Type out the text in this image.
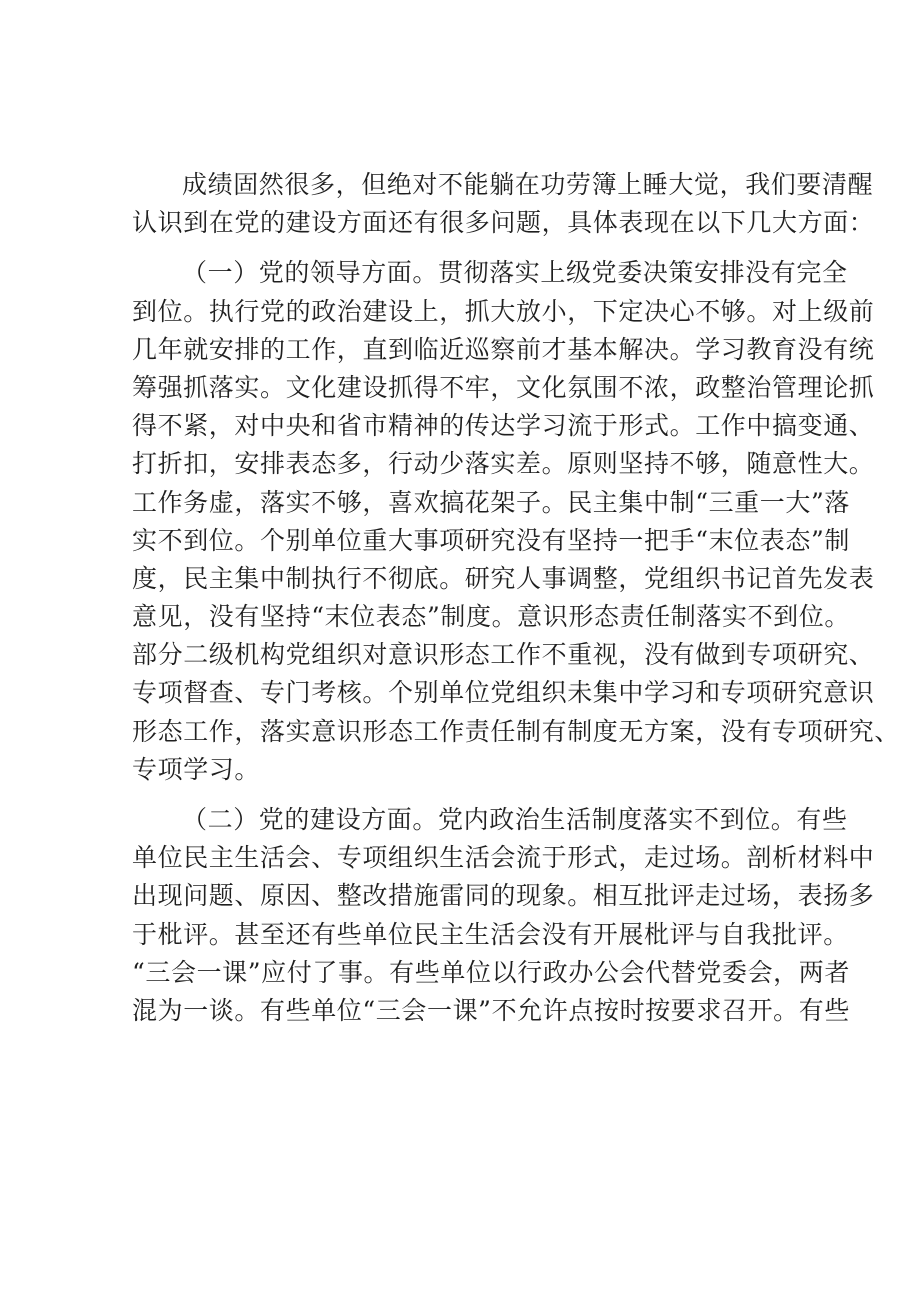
成绩固然很多，但绝对不能躺在功劳簿上睡大觉，我们要清醒
认识到在党的建设方面还有很多问题，具体表现在以下几大方面：
（一）党的领导方面。贯彻落实上级党委决策安排没有完全
到位。执行党的政治建设上，抓大放小，下定决心不够。对上级前
几年就安排的工作，直到临近巡察前才基本解决。学习教育没有统
筹强抓落实。文化建设抓得不牢，文化氛围不浓，政整治管理论抓
得不紧，对中央和省市精神的传达学习流于形式。工作中搞变通、
打折扣，安排表态多，行动少落实差。原则坚持不够，随意性大。
工作务虚，落实不够，喜欢搞花架子。民主集中制“三重一大”落
实不到位。个别单位重大事项研究没有坚持一把手“末位表态”制
度，民主集中制执行不彻底。研究人事调整，党组织书记首先发表
意见，没有坚持“末位表态”制度。意识形态责任制落实不到位。
部分二级机构党组织对意识形态工作不重视，没有做到专项研究、
专项督查、专门考核。个别单位党组织未集中学习和专项研究意识
形态工作，落实意识形态工作责任制有制度无方案，没有专项研究、
专项学习。
（二）党的建设方面。党内政治生活制度落实不到位。有些
单位民主生活会、专项组织生活会流于形式，走过场。剖析材料中
出现问题、原因、整改措施雷同的现象。相互批评走过场，表扬多
于枇评。甚至还有些单位民主生活会没有开展枇评与自我批评。
“三会一课”应付了事。有些单位以行政办公会代替党委会，两者
混为一谈。有些单位“三会一课”不允许点按时按要求召开。有些
